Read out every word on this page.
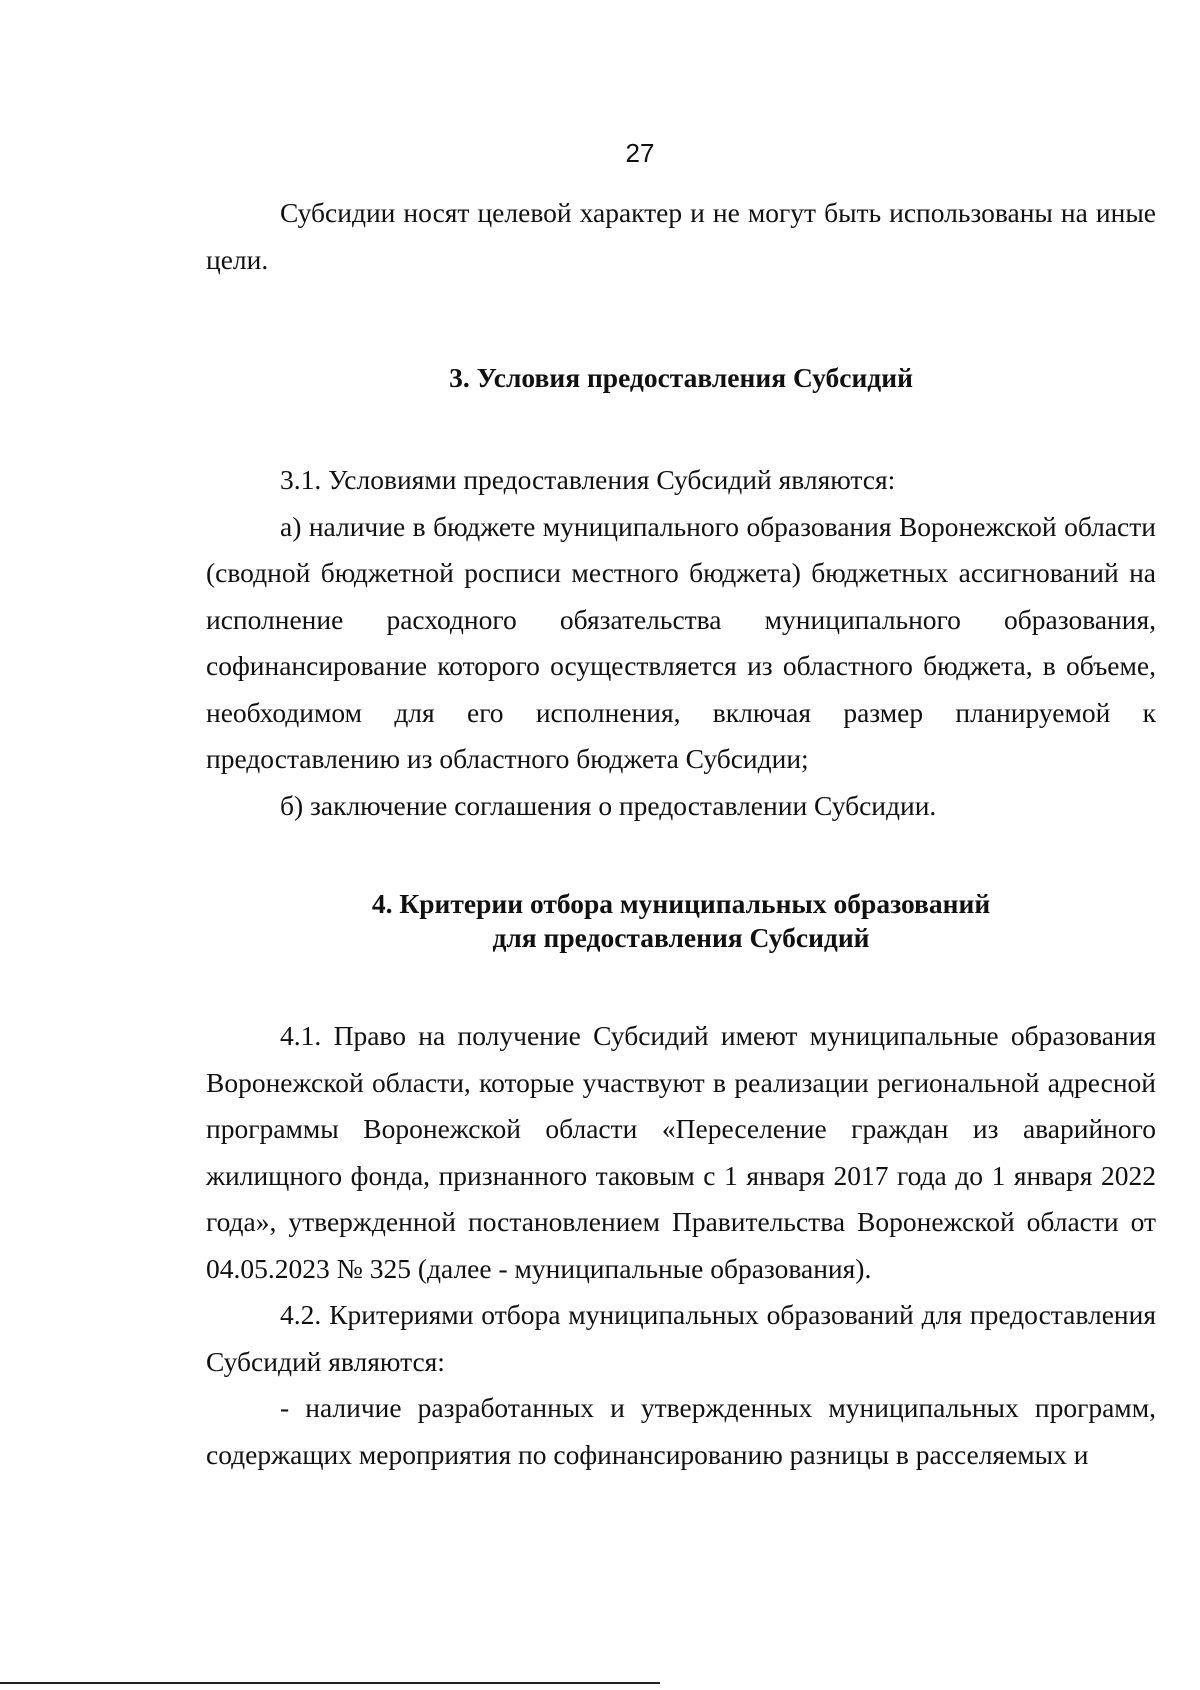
27

Субсидии носят целевой характер и не могут быть использованы на иные цели.

3. Условия предоставления Субсидий

3.1. Условиями предоставления Субсидий являются:

а) наличие в бюджете муниципального образования Воронежской области (сводной бюджетной росписи местного бюджета) бюджетных ассигнований на исполнение расходного обязательства муниципального образования, софинансирование которого осуществляется из областного бюджета, в объеме, необходимом для его исполнения, включая размер планируемой к предоставлению из областного бюджета Субсидии;

б) заключение соглашения о предоставлении Субсидии.

4. Критерии отбора муниципальных образований
для предоставления Субсидий

4.1. Право на получение Субсидий имеют муниципальные образования Воронежской области, которые участвуют в реализации региональной адресной программы Воронежской области «Переселение граждан из аварийного жилищного фонда, признанного таковым с 1 января 2017 года до 1 января 2022 года», утвержденной постановлением Правительства Воронежской области от 04.05.2023 № 325 (далее - муниципальные образования).

4.2. Критериями отбора муниципальных образований для предоставления Субсидий являются:

- наличие разработанных и утвержденных муниципальных программ, содержащих мероприятия по софинансированию разницы в расселяемых и
